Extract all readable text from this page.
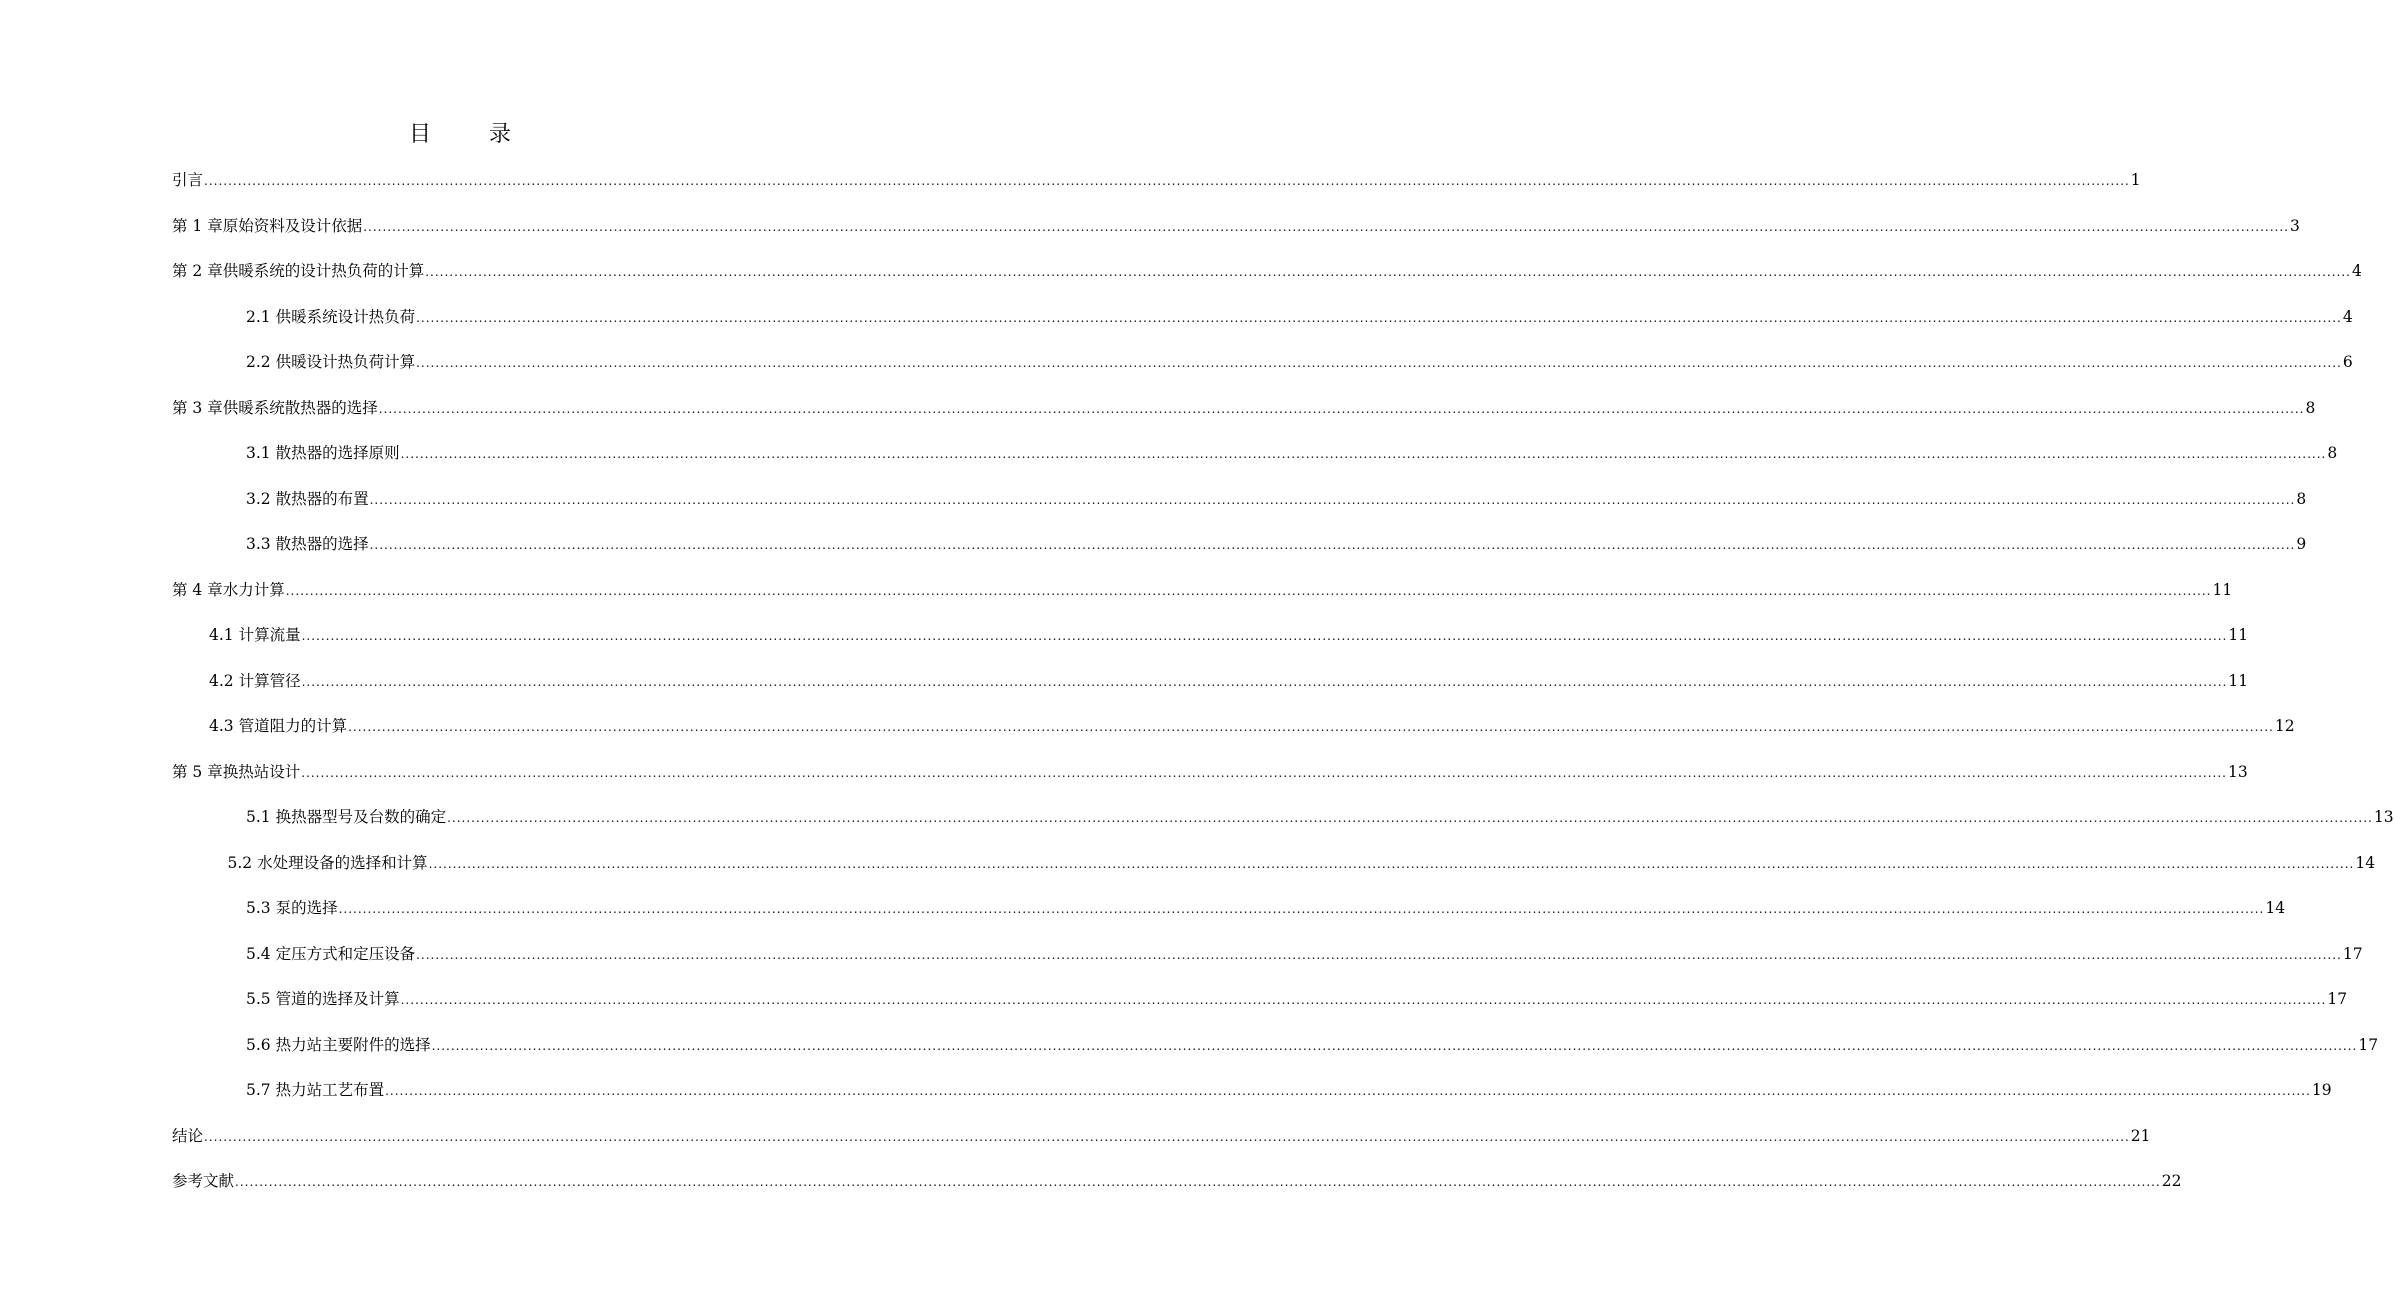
目　录
引言 ................................................................................................................................................................................................................................................................................................................................................................................................................ 1
第 1 章原始资料及设计依据 ................................................................................................................................................................................................................................................................................................................................................................................................................ 3
第 2 章供暖系统的设计热负荷的计算 ................................................................................................................................................................................................................................................................................................................................................................................................................ 4
2.1 供暖系统设计热负荷 ................................................................................................................................................................................................................................................................................................................................................................................................................ 4
2.2 供暖设计热负荷计算 ................................................................................................................................................................................................................................................................................................................................................................................................................ 6
第 3 章供暖系统散热器的选择 ................................................................................................................................................................................................................................................................................................................................................................................................................ 8
3.1 散热器的选择原则 ................................................................................................................................................................................................................................................................................................................................................................................................................ 8
3.2 散热器的布置 ................................................................................................................................................................................................................................................................................................................................................................................................................ 8
3.3 散热器的选择 ................................................................................................................................................................................................................................................................................................................................................................................................................ 9
第 4 章水力计算 ................................................................................................................................................................................................................................................................................................................................................................................................................ 11
4.1 计算流量 ................................................................................................................................................................................................................................................................................................................................................................................................................ 11
4.2 计算管径 ................................................................................................................................................................................................................................................................................................................................................................................................................ 11
4.3 管道阻力的计算 ................................................................................................................................................................................................................................................................................................................................................................................................................ 12
第 5 章换热站设计 ................................................................................................................................................................................................................................................................................................................................................................................................................ 13
5.1 换热器型号及台数的确定 ................................................................................................................................................................................................................................................................................................................................................................................................................ 13
5.2 水处理设备的选择和计算 ................................................................................................................................................................................................................................................................................................................................................................................................................ 14
5.3 泵的选择 ................................................................................................................................................................................................................................................................................................................................................................................................................ 14
5.4 定压方式和定压设备 ................................................................................................................................................................................................................................................................................................................................................................................................................ 17
5.5 管道的选择及计算 ................................................................................................................................................................................................................................................................................................................................................................................................................ 17
5.6 热力站主要附件的选择 ................................................................................................................................................................................................................................................................................................................................................................................................................ 17
5.7 热力站工艺布置 ................................................................................................................................................................................................................................................................................................................................................................................................................ 19
结论 ................................................................................................................................................................................................................................................................................................................................................................................................................ 21
参考文献 ................................................................................................................................................................................................................................................................................................................................................................................................................ 22
